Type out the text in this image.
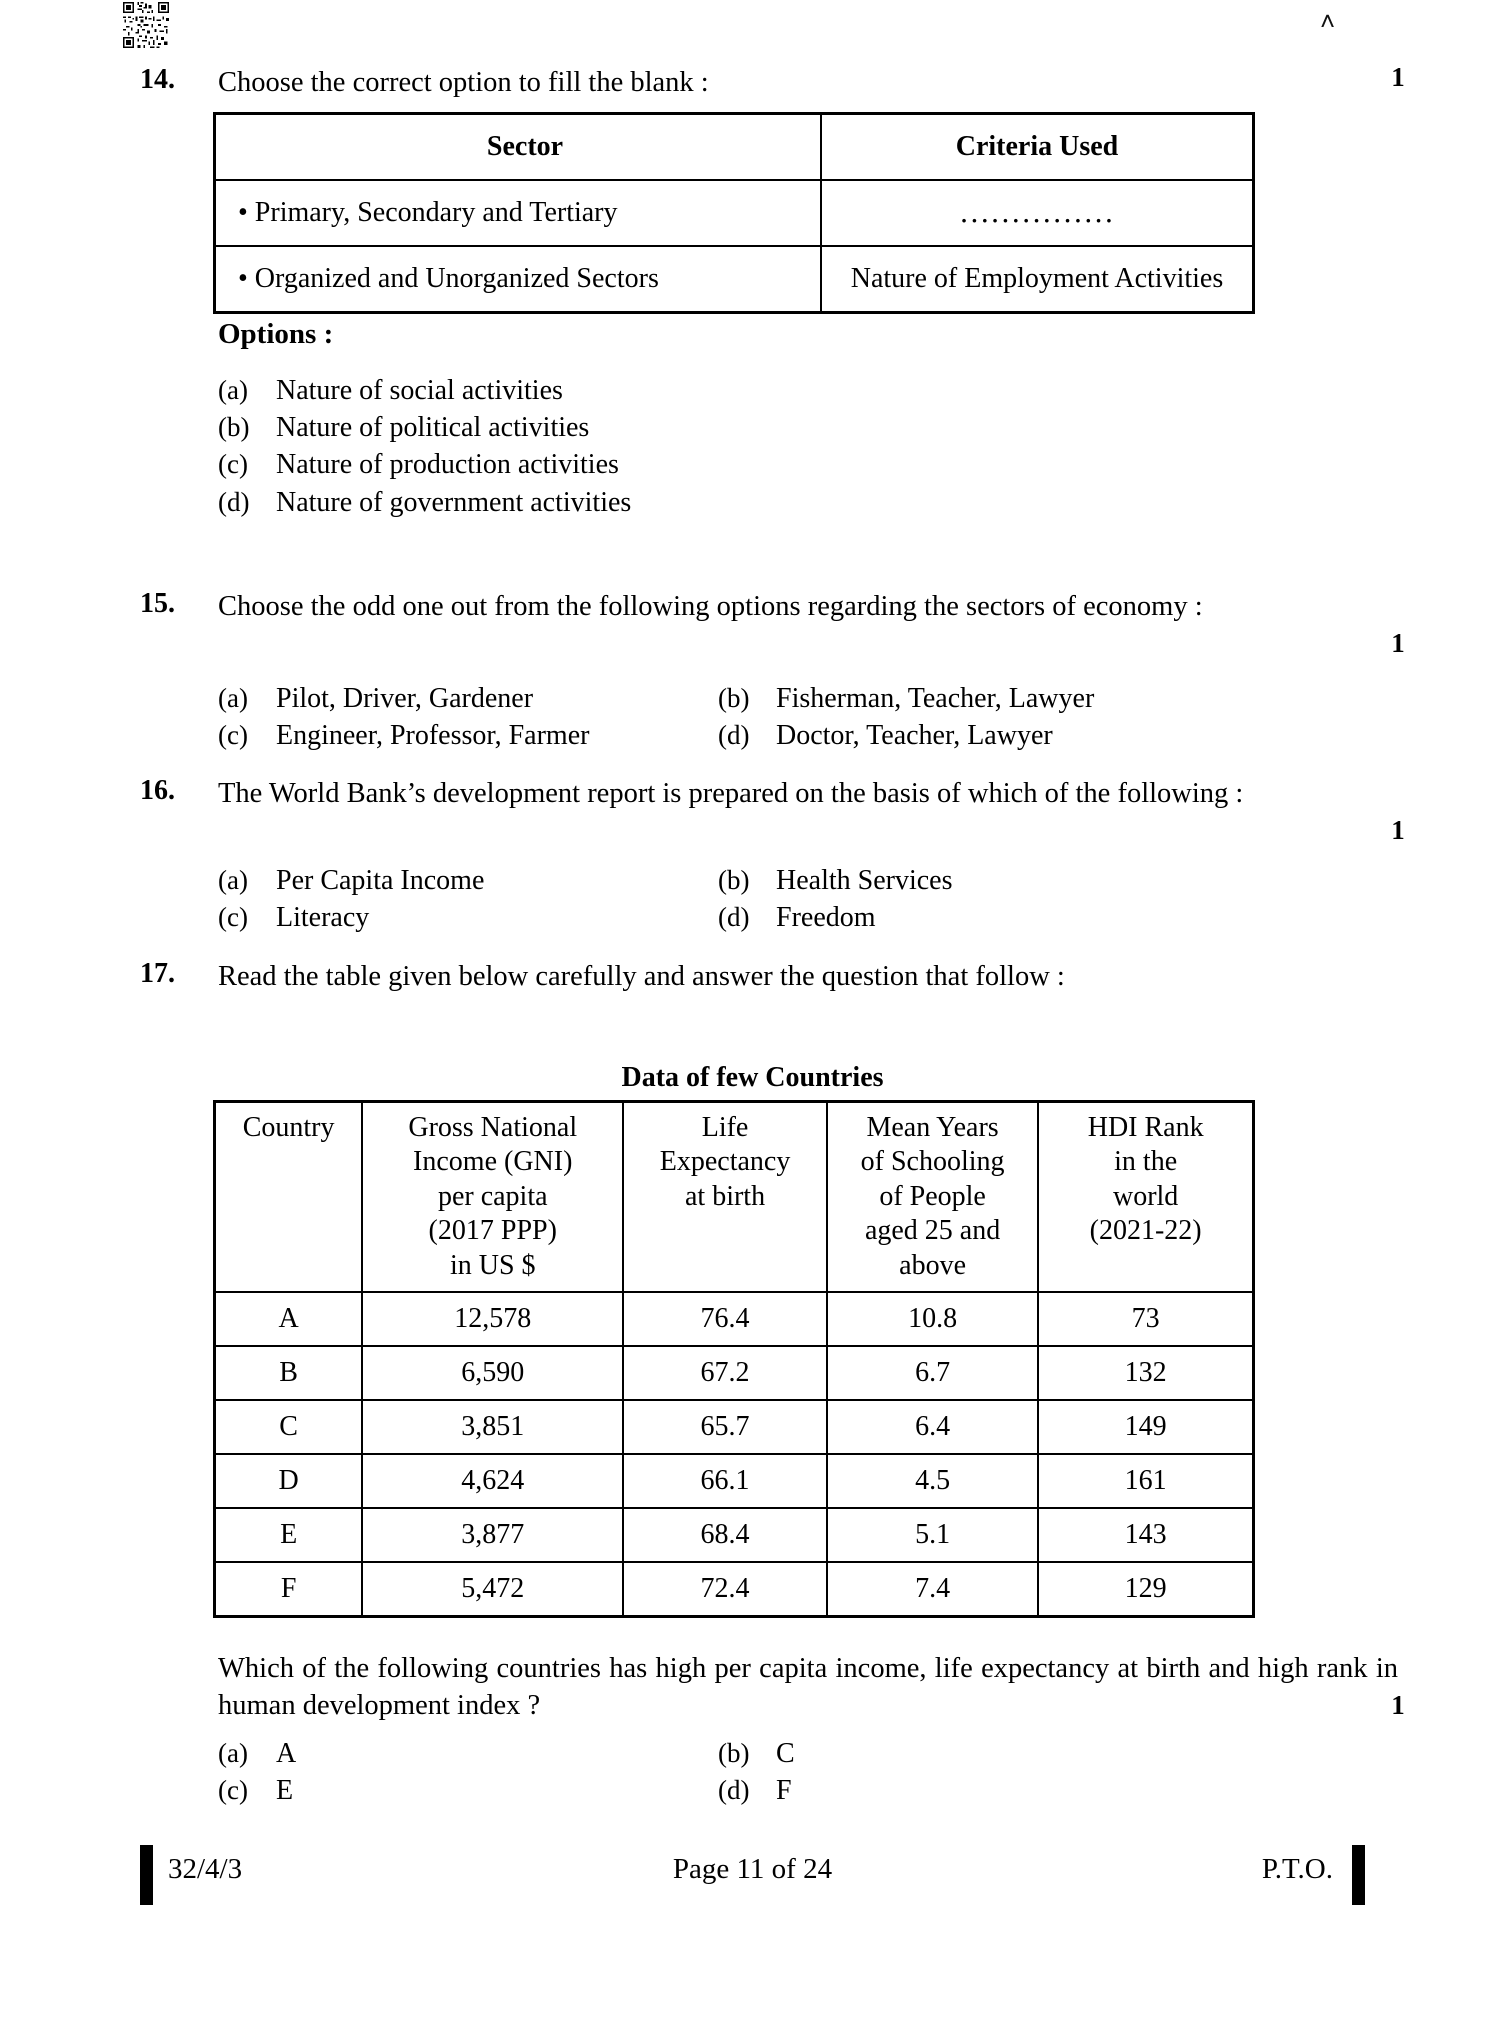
˄
14.	Choose the correct option to fill the blank :	1
Sector	Criteria Used
• Primary, Secondary and Tertiary	․․․․․․․․․․․․․․․
• Organized and Unorganized Sectors	Nature of Employment Activities
Options :
(a)	Nature of social activities
(b) Nature of political activities
(c)	Nature of production activities
(d) Nature of government activities
15.	Choose the odd one out from the following options regarding the sectors of economy :
1
(a)	Pilot, Driver, Gardener	(b) Fisherman, Teacher, Lawyer
(c)	Engineer, Professor, Farmer	(d) Doctor, Teacher, Lawyer
16.	The World Bank’s development report is prepared on the basis of which of the following :
1
(a)	Per Capita Income	(b) Health Services
(c)	Literacy	(d) Freedom
17.	Read the table given below carefully and answer the question that follow :
Data of few Countries
Country	Gross National
Income (GNI)
per capita
(2017 PPP)
in US $	Life
Expectancy
at birth	Mean Years
of Schooling
of People
aged 25 and
above	HDI Rank
in the
world
(2021-22)
A	12,578	76.4	10.8	73
B	6,590	67.2	6.7	132
C	3,851	65.7	6.4	149
D	4,624	66.1	4.5	161
E	3,877	68.4	5.1	143
F	5,472	72.4	7.4	129
Which of the following countries has high per capita income, life expectancy at birth and high rank in human development index ?	1
(a)	A	(b) C
(c)	E	(d) F
32/4/3	Page 11 of 24	P.T.O.
